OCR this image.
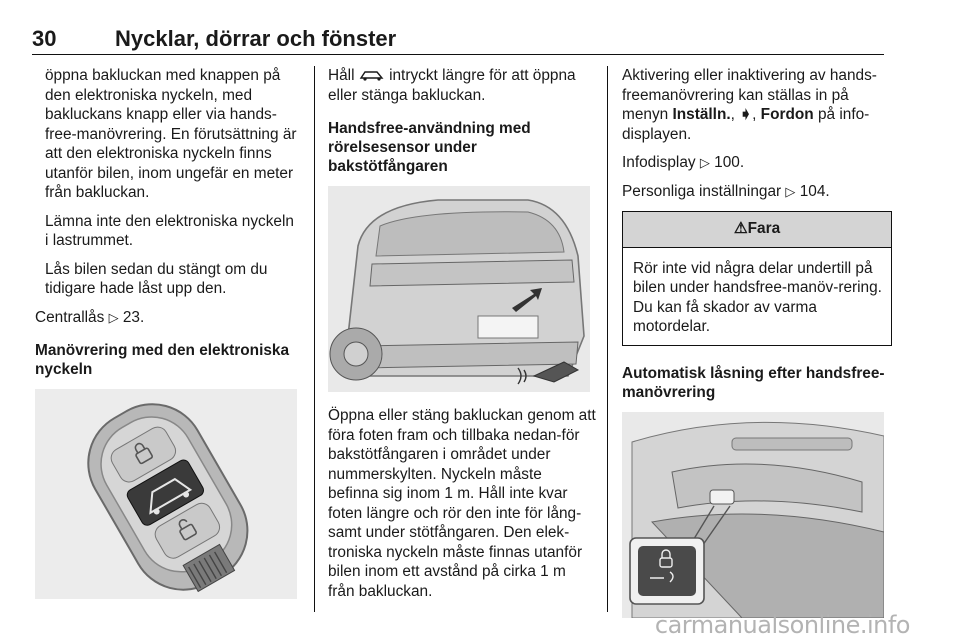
30	Nycklar, dörrar och fönster

öppna bakluckan med knappen på den elektroniska nyckeln, med bakluckans knapp eller via hands-free-manövrering. En förutsättning är att den elektroniska nyckeln finns utanför bilen, inom ungefär en meter från bakluckan.

Lämna inte den elektroniska nyckeln i lastrummet.

Lås bilen sedan du stängt om du tidigare hade låst upp den.

Centrallås ▷ 23.

Manövrering med den elektroniska nyckeln

Håll intryckt längre för att öppna eller stänga bakluckan.

Handsfree-användning med rörelsesensor under bakstötfångaren

Öppna eller stäng bakluckan genom att föra foten fram och tillbaka nedan-för bakstötfångaren i området under nummerskylten. Nyckeln måste befinna sig inom 1 m. Håll inte kvar foten längre och rör den inte för lång-samt under stötfångaren. Den elek-troniska nyckeln måste finnas utanför bilen inom ett avstånd på cirka 1 m från bakluckan.

Aktivering eller inaktivering av hands-freemanövrering kan ställas in på menyn Inställn., ➧, Fordon på info-displayen.

Infodisplay ▷ 100.

Personliga inställningar ▷ 104.

⚠Fara
Rör inte vid några delar undertill på bilen under handsfree-manöv-rering. Du kan få skador av varma motordelar.
Automatisk låsning efter handsfree-manövrering
carmanualsonline.info
